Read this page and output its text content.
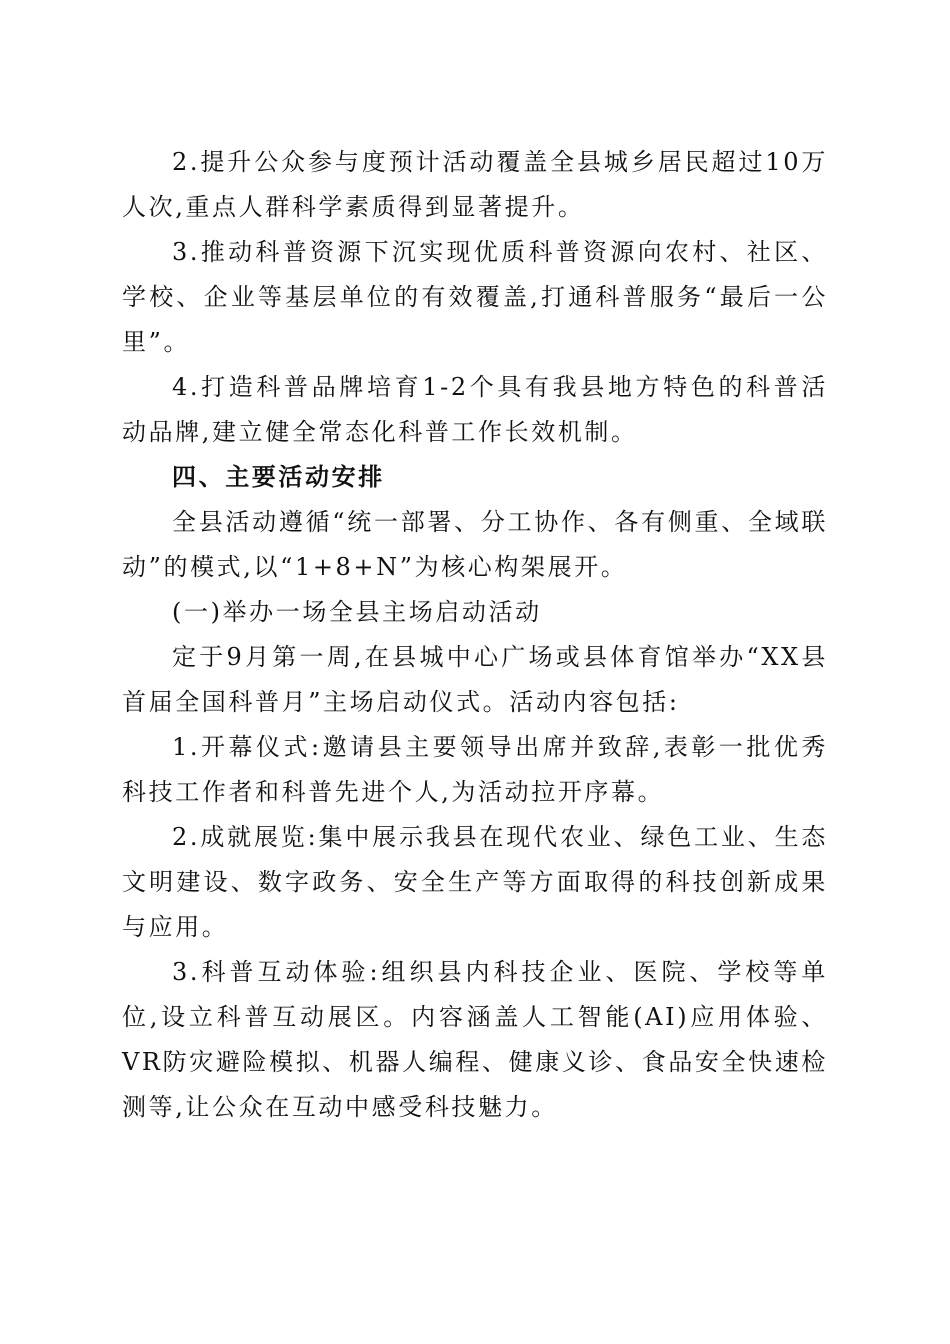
2.提升公众参与度预计活动覆盖全县城乡居民超过10万人次,重点人群科学素质得到显著提升。

3.推动科普资源下沉实现优质科普资源向农村、社区、学校、企业等基层单位的有效覆盖,打通科普服务“最后一公里”。

4.打造科普品牌培育1-2个具有我县地方特色的科普活动品牌,建立健全常态化科普工作长效机制。

四、主要活动安排

全县活动遵循“统一部署、分工协作、各有侧重、全域联动”的模式,以“1+8+N”为核心构架展开。

(一)举办一场全县主场启动活动

定于9月第一周,在县城中心广场或县体育馆举办“XX县首届全国科普月”主场启动仪式。活动内容包括:

1.开幕仪式:邀请县主要领导出席并致辞,表彰一批优秀科技工作者和科普先进个人,为活动拉开序幕。

2.成就展览:集中展示我县在现代农业、绿色工业、生态文明建设、数字政务、安全生产等方面取得的科技创新成果与应用。

3.科普互动体验:组织县内科技企业、医院、学校等单位,设立科普互动展区。内容涵盖人工智能(AI)应用体验、VR防灾避险模拟、机器人编程、健康义诊、食品安全快速检测等,让公众在互动中感受科技魅力。
